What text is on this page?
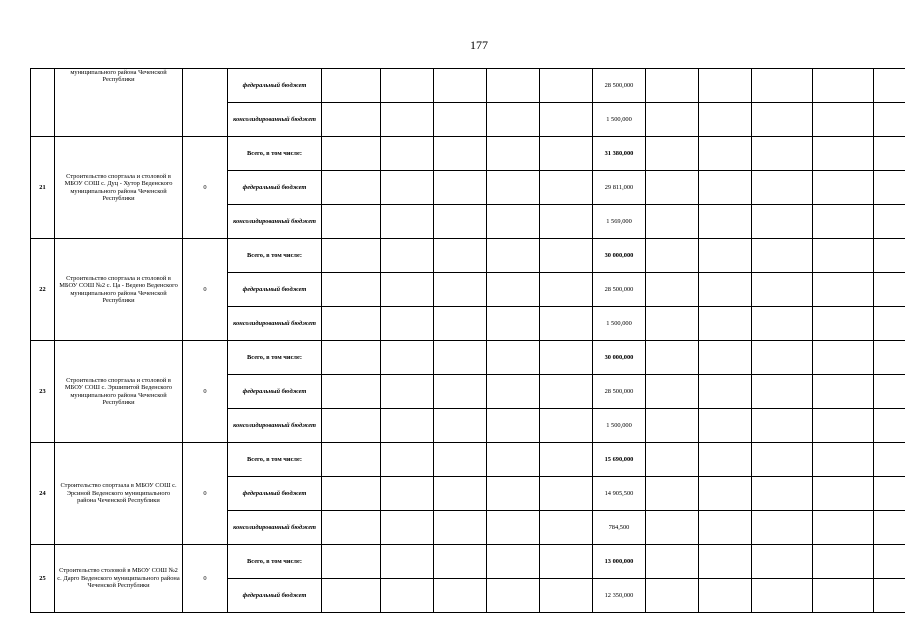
177
	муниципального района Чеченской Республики		федеральный бюджет						28 500,000					
			консолидированный бюджет						1 500,000					
21	Строительство спортзала и столовой в МБОУ СОШ с. Дуц - Хутор Веденского муниципального района Чеченской Республики	0	Всего, в том числе:						31 380,000					
			федеральный бюджет						29 811,000					
			консолидированный бюджет						1 569,000					
22	Строительство спортзала и столовой в МБОУ СОШ №2 с. Ца - Ведено Веденского муниципального района Чеченской Республики	0	Всего, в том числе:						30 000,000					
			федеральный бюджет						28 500,000					
			консолидированный бюджет						1 500,000					
23	Строительство спортзала и столовой в МБОУ СОШ с. Эршипитой Веденского муниципального района Чеченской Республики	0	Всего, в том числе:						30 000,000					
			федеральный бюджет						28 500,000					
			консолидированный бюджет						1 500,000					
24	Строительство спортзала в МБОУ СОШ с. Эрсиной Веденского муниципального района Чеченской Республики	0	Всего, в том числе:						15 690,000					
			федеральный бюджет						14 905,500					
			консолидированный бюджет						784,500					
25	Строительство столовой в МБОУ СОШ №2 с. Дарго Веденского муниципального района Чеченской Республики	0	Всего, в том числе:						13 000,000					
			федеральный бюджет						12 350,000					
